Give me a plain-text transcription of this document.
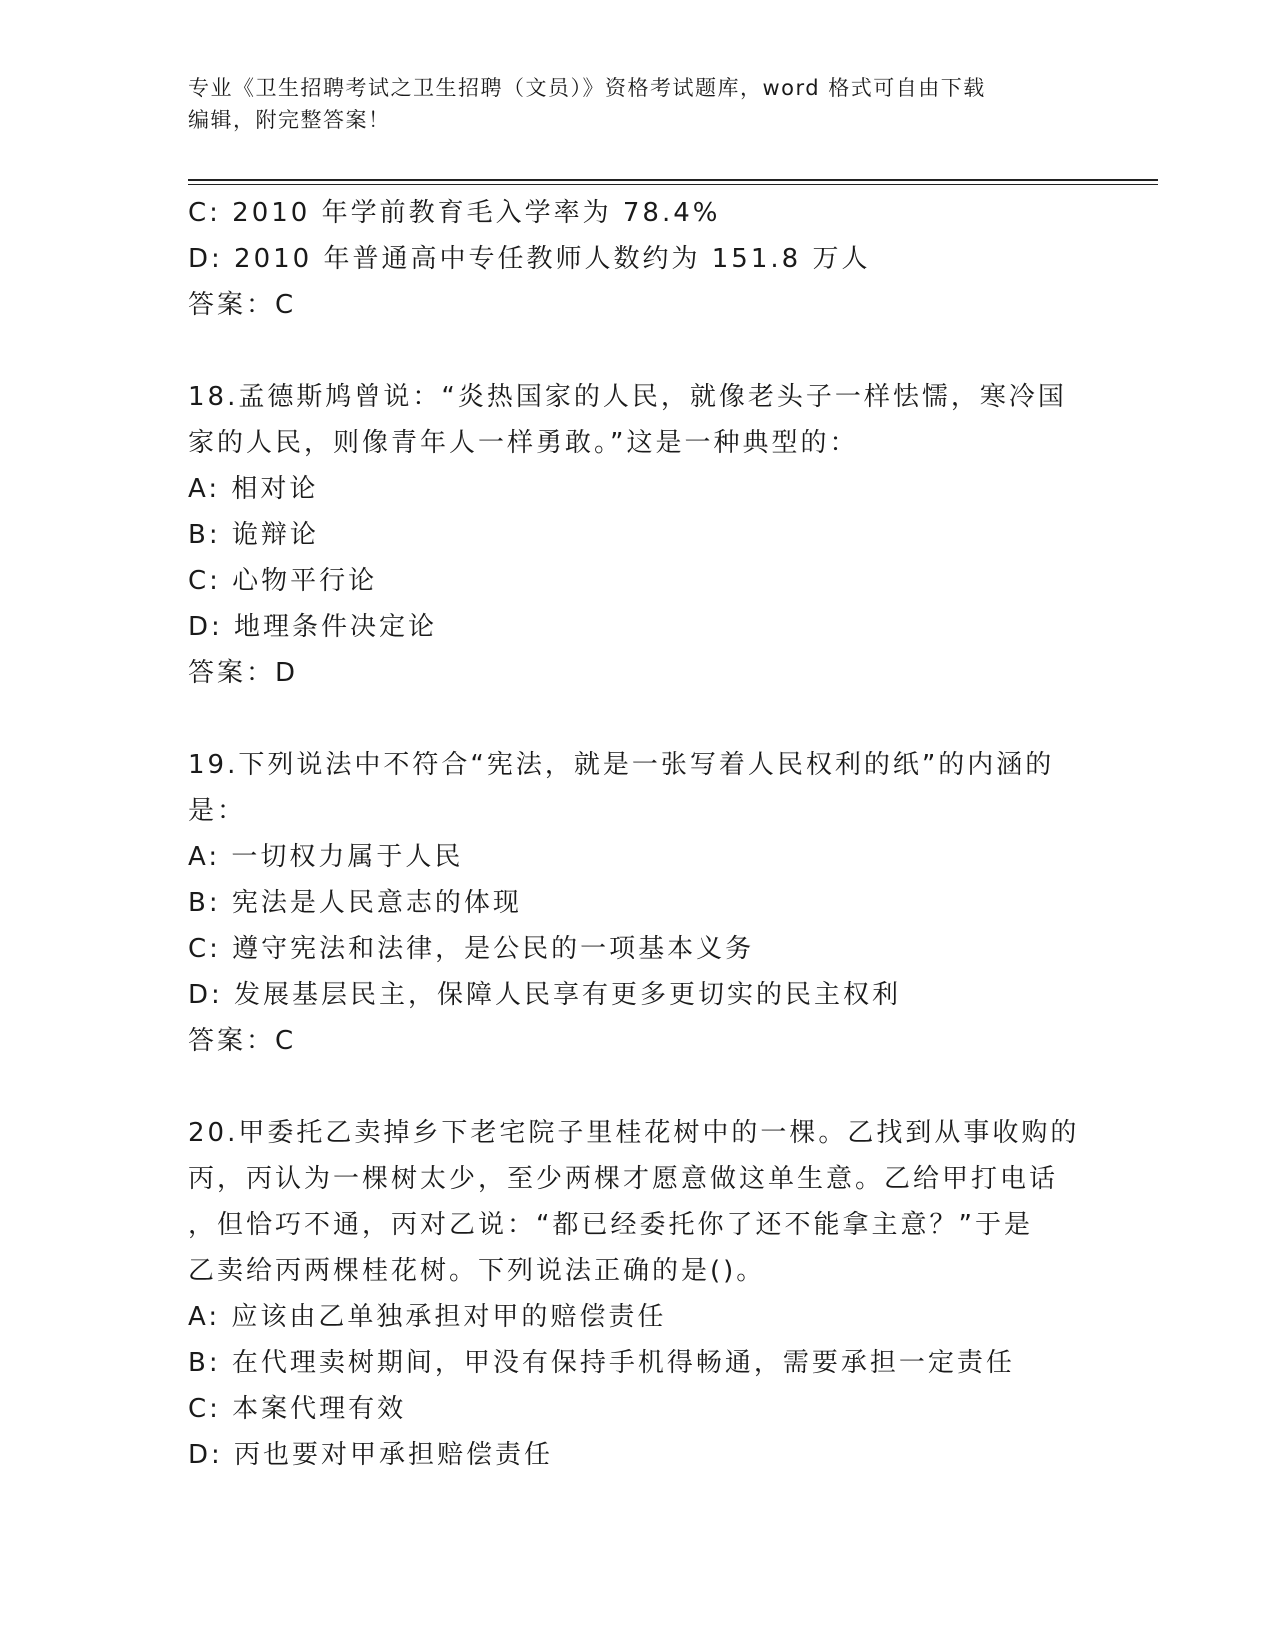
专业《卫生招聘考试之卫生招聘（文员）》资格考试题库，word 格式可自由下载
编辑，附完整答案！
C: 2010 年学前教育毛入学率为 78.4%
D: 2010 年普通高中专任教师人数约为 151.8 万人
答案：C
18.孟德斯鸠曾说：“炎热国家的人民，就像老头子一样怯懦，寒冷国
家的人民，则像青年人一样勇敢。”这是一种典型的：
A: 相对论
B: 诡辩论
C: 心物平行论
D: 地理条件决定论
答案：D
19.下列说法中不符合“宪法，就是一张写着人民权利的纸”的内涵的
是：
A: 一切权力属于人民
B: 宪法是人民意志的体现
C: 遵守宪法和法律，是公民的一项基本义务
D: 发展基层民主，保障人民享有更多更切实的民主权利
答案：C
20.甲委托乙卖掉乡下老宅院子里桂花树中的一棵。乙找到从事收购的
丙，丙认为一棵树太少，至少两棵才愿意做这单生意。乙给甲打电话
，但恰巧不通，丙对乙说：“都已经委托你了还不能拿主意？”于是
乙卖给丙两棵桂花树。下列说法正确的是()。
A: 应该由乙单独承担对甲的赔偿责任
B: 在代理卖树期间，甲没有保持手机得畅通，需要承担一定责任
C: 本案代理有效
D: 丙也要对甲承担赔偿责任
